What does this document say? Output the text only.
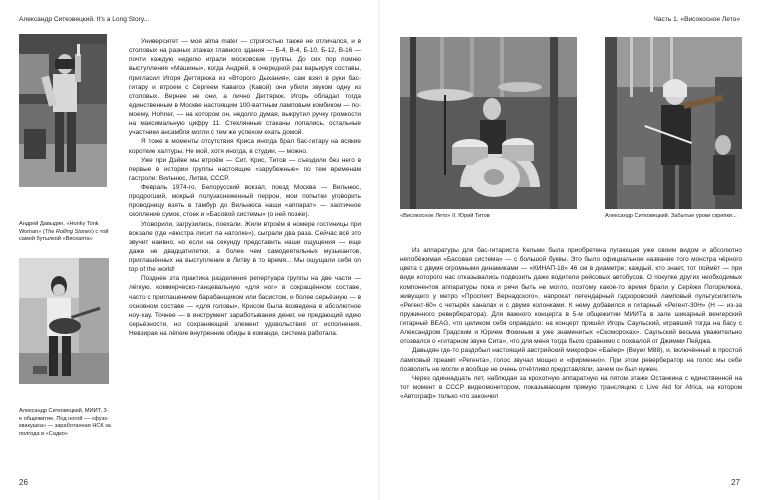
Александр Ситковецкий. It's a Long Story...
Андрей Давыдян. «Honky Tonk Woman» (The Rolling Stones) с той самой бутылкой «Вискаята»
Александр Ситковецкий, МИИТ, 3-е общежитие. Под ногой — «фузз-квакушка» — заработанная НСК за полгода в «Садко»

Университет — моя alma mater — строгостью также не отличался, и в столовых на разных этажах главного здания — Б-4, В-4, Б-10, Б-12, В-16 — почти каждую неделю играли московские группы. До сих пор помню выступление «Машины», когда Андрей, в очередной раз варьируя составы, пригласил Игоря Дегтярюка из «Второго Дыхания», сам взял в руки бас-гитару и втроем с Сергеем Кавагоэ (Кавой) они убили звуком одну из столовых. Вернее не они, а лично Дегтярюк. Игорь обладал тогда единственным в Москве настоящим 100-ваттным ламповым комбиком — по-моему, Hohner, — на котором он, недолго думая, выкрутил ручку громкости на максимальную цифру 11. Стеклянные стаканы лопались, остальные участники ансамбля могли с тем же успехом ехать домой.

Я тоже в моменты отсутствия Криса иногда брал бас-гитару на всякие короткие халтуры. Не мой, хотя иногда, в студии, — можно.

Уже при Дэйве мы втроём — Сит, Крис, Титов — съездили без него в первые в истории группы настоящие «зарубежные» по тем временам гастроли: Вильнюс, Литва, СССР.

Февраль 1974-го, Белорусский вокзал, поезд Москва — Вильнюс, продрогший, мокрый полузаснеженный перрон, мои попытки уговорить проводницу взять в тамбур до Вильнюса наши «аппарат» — хаотичное скопление сумок, стоек и «Басовой системы» (о ней позже).

Уговорили, загрузились, поехали. Жили втроём в номере гостиницы при вокзале (где «вюстра лисит па натолке»), сыграли два раза. Сейчас всё это звучит наивно, но если на секунду представить наши ощущения — еще даже не двадцатилетки, а более чем самодеятельных музыкантов, приглашённых на выступление в Литву в то время... Мы ощущали себя on top of the world!

Позднее эта практика разделения репертуара группы на две части — лёгкую, коммерческо-танцевальную «для ног» в сокращённом составе, часто с приглашением барабанщиком или басистом, и более серьёзную — в основном составе — «для головы», Крисом была возведена в абсолютное ноу-хау. Точнее — в инструмент заработывания денег, не предающий идею серьёзности, но сохраняющий элемент удовольствия от исполнения. Невзирая на лёгкие внутренние обиды в команде, система работала.

26
Часть 1. «Високосное Лето»
«Високосное Лето» II. Юрий Титов	Александр Ситковецкий. Забытые уроки скрипки...

Из аппаратуры для бас-гитариста Кельми была приобретена пугающая уже своим видом и абсолютно непобёжимая «Басовая система» — с большой буквы. Это было официальное название того монстра чёрного цвета с двумя огромными динамиками — «КИНАП-18» 46 см в диаметре; каждый, кто знает, тот поймёт — при виде которого нас отказывались подвозить даже водители рейсовых автобусов. О покупке других необходимых компонентов аппаратуры пока и речи быть не могло, поэтому какое-то время брали у Серёжи Погорелюка, живущего у метро «Проспект Вернадского», напрокат легендарный гэдзоровский ламповый пультусилитель «Регент-60» с четырёх каналах и с двумя колонками. К нему добавился и гитарный «Регент-30Н» (Н — из-за пружинного ревербератора). Для важного концерта в 5-м общежитии МИИТа в зале шикарный венгерский гитарный BEAG, что целиком себя оправдало: на концерт пришёл Игорь Саульский, игравший тогда на басу с Александром Градским и Юрием Фокиным в уже знаменитых «Скоморохах». Саульский весьма уважительно отозвался о «гитарном звуке Сита», что для меня тогда было сравнимо с похвалой от Джимми Пейджа.

Давыдян где-то раздобыл настоящий австрийский микрофон «Байер» (Beyer M88), и, включённый в простой ламповый преамп «Регента», голос звучал мощно и «фирменно». При этом ревербератор на голос мы себе позволить не могли и вообще не очень отчётливо представляли, зачем он был нужен.

Через одиннадцать лет, наблюдая за крохотную аппаратную на пятом этаже Останкина с единственной на тот момент в СССР видеомонитором, показывающим прямую трансляцию с Live Aid for Africa, на котором «Автограф» только что закончил

27
